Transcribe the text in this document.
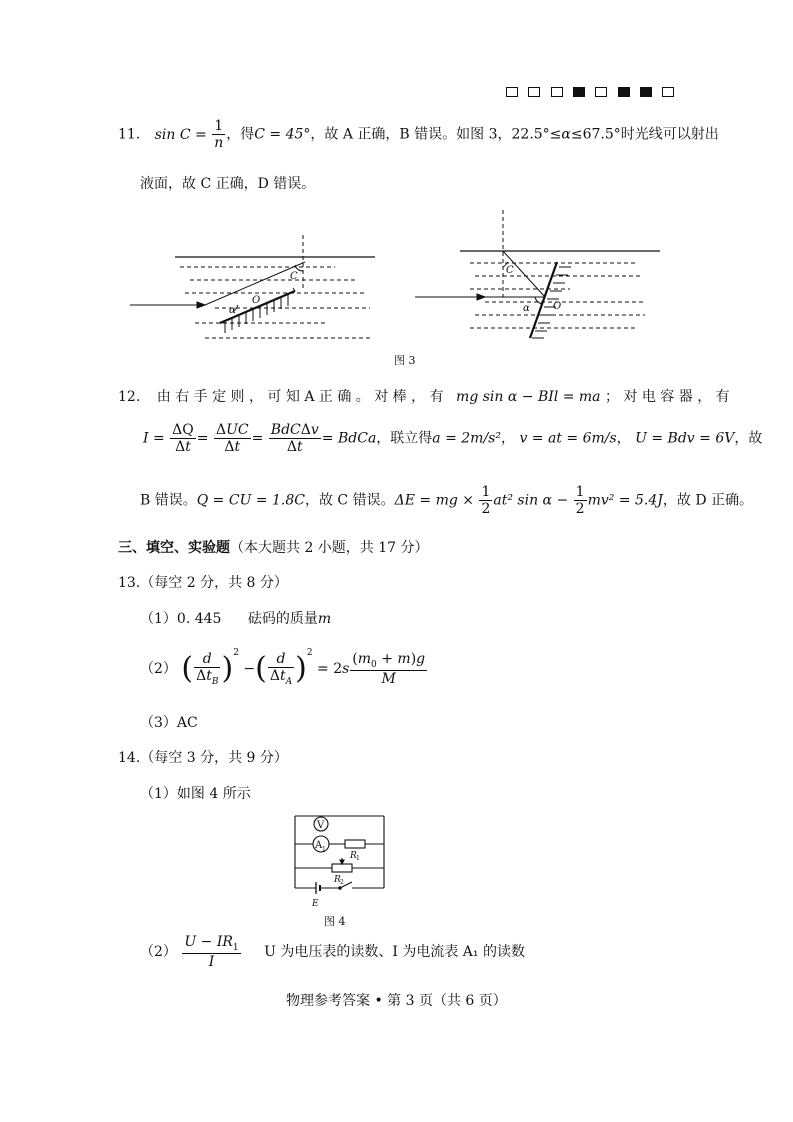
11. $\sin C = \frac{1}{n}$ ，得C = 45°，故 A 正确，B 错误。如图 3，22.5°≤α≤67.5°时光线可以射出
液面，故 C 正确，D 错误。
C
O
α
C
O
α
图 3
12. 由 右 手 定 则 ， 可 知 A 正 确 。 对 棒 ， 有 mg sin α − BIl = ma ； 对 电 容 器 ， 有
$I = \frac{\Delta Q}{\Delta t} = \frac{\text{ΔUC}}{\Delta t} = \frac{\text{BdCΔv}}{\Delta t}$ = BdCa，联立得a = 2m/s²， v = at = 6m/s， U = Bdv = 6V，故
B 错误。Q = CU = 1.8C，故 C 错误。ΔE = mg × $\frac{1}{2} at^2$ $\sin \alpha - \frac{1}{2} mv^2 = 5.4J$，故 D 正确。
三、填空、实验题（本大题共 2 小题，共 17 分）
13.（每空 2 分，共 8 分）
（1）0. 445 砝码的质量m
（2） ( $\frac{d}{\Delta t_B} )^2$ −( $\frac{d}{\Delta t_A} )^2 = 2s \frac{(m_0 + m)g}{M}$
（3）AC
14.（每空 3 分，共 9 分）
（1）如图 4 所示
V
A 1
R 1
R 2
E
图 4
$(2) \frac{U - IR_1}{I}$ U 为电压表的读数、I 为电流表 A₁ 的读数
物理参考答案 • 第 3 页（共 6 页）
